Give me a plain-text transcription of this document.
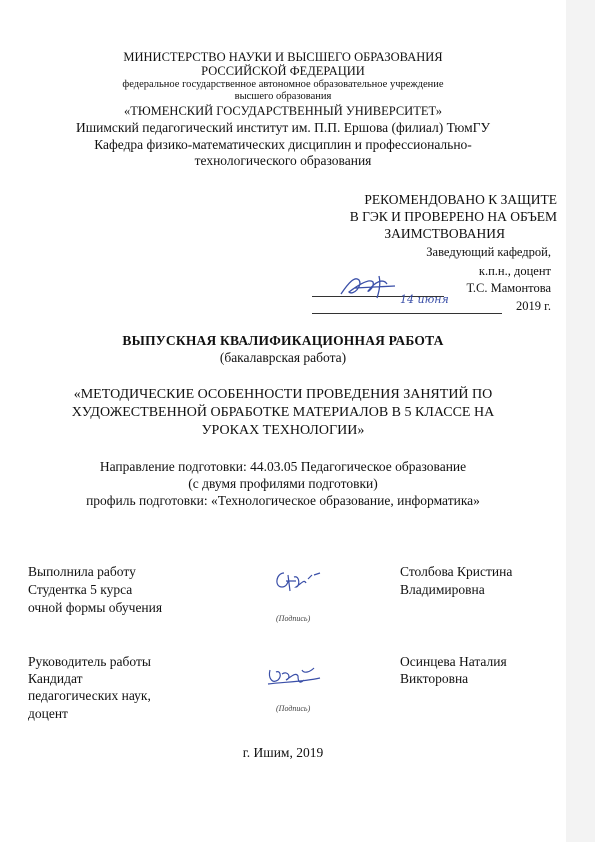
МИНИСТЕРСТВО НАУКИ И ВЫСШЕГО ОБРАЗОВАНИЯ
РОССИЙСКОЙ ФЕДЕРАЦИИ
федеральное государственное автономное образовательное учреждение
высшего образования
«ТЮМЕНСКИЙ ГОСУДАРСТВЕННЫЙ УНИВЕРСИТЕТ»
Ишимский педагогический институт им. П.П. Ершова (филиал) ТюмГУ
Кафедра физико-математических дисциплин и профессионально-
технологического образования
РЕКОМЕНДОВАНО К ЗАЩИТЕ
В ГЭК И ПРОВЕРЕНО НА ОБЪЕМ
ЗАИМСТВОВАНИЯ
Заведующий кафедрой,
к.п.н., доцент
Т.С. Мамонтова
14 июня	2019 г.
ВЫПУСКНАЯ КВАЛИФИКАЦИОННАЯ РАБОТА
(бакалаврская работа)
«МЕТОДИЧЕСКИЕ ОСОБЕННОСТИ ПРОВЕДЕНИЯ ЗАНЯТИЙ ПО
ХУДОЖЕСТВЕННОЙ ОБРАБОТКЕ МАТЕРИАЛОВ В 5 КЛАССЕ НА
УРОКАХ ТЕХНОЛОГИИ»
Направление подготовки: 44.03.05 Педагогическое образование
(с двумя профилями подготовки)
профиль подготовки: «Технологическое образование, информатика»
Выполнила работу
Студентка 5 курса
очной формы обучения
(Подпись)
Столбова Кристина
Владимировна
Руководитель работы
Кандидат
педагогических наук,
доцент	(Подпись)
Осинцева Наталия
Викторовна
г. Ишим, 2019
